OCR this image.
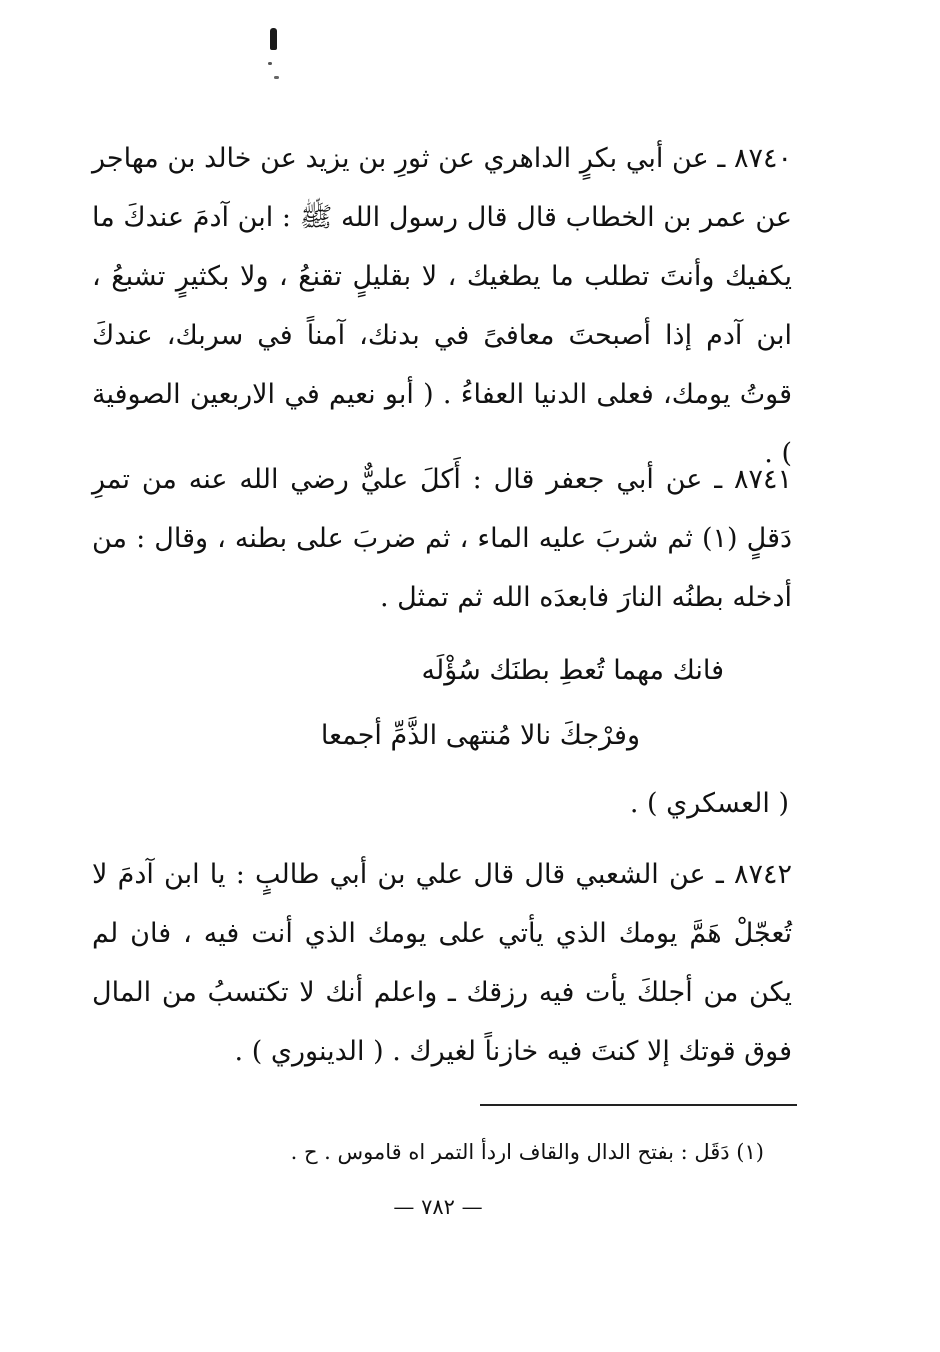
٨٧٤٠ ـ عن أبي بكرٍ الداهري عن ثورِ بن يزيد عن خالد بن مهاجر عن عمر بن الخطاب قال قال رسول الله ﷺ : ابن آدمَ عندكَ ما يكفيك وأنتَ تطلب ما يطغيك ، لا بقليلٍ تقنعُ ، ولا بكثيرٍ تشبعُ ، ابن آدم إذا أصبحتَ معافىً في بدنك، آمناً في سربك، عندكَ قوتُ يومك، فعلى الدنيا العفاءُ . ( أبو نعيم في الاربعين الصوفية ) .

٨٧٤١ ـ عن أبي جعفر قال : أَكلَ عليٌّ رضي الله عنه من تمرِ دَقلٍ (١) ثم شربَ عليه الماء ، ثم ضربَ على بطنه ، وقال : من أدخله بطنُه النارَ فابعدَه الله ثم تمثل .

فانك مهما تُعطِ بطنَك سُؤْلَه

وفرْجكَ نالا مُنتهى الذَّمِّ أجمعا

( العسكري ) .

٨٧٤٢ ـ عن الشعبي قال قال علي بن أبي طالبٍ : يا ابن آدمَ لا تُعجّلْ هَمَّ يومك الذي يأتي على يومك الذي أنت فيه ، فان لم يكن من أجلكَ يأت فيه رزقك ـ واعلم أنك لا تكتسبُ من المال فوق قوتك إلا كنتَ فيه خازناً لغيرك . ( الدينوري ) .

(١) دَقَل : بفتح الدال والقاف اردأ التمر اه قاموس . ح .

— ٧٨٢ —
